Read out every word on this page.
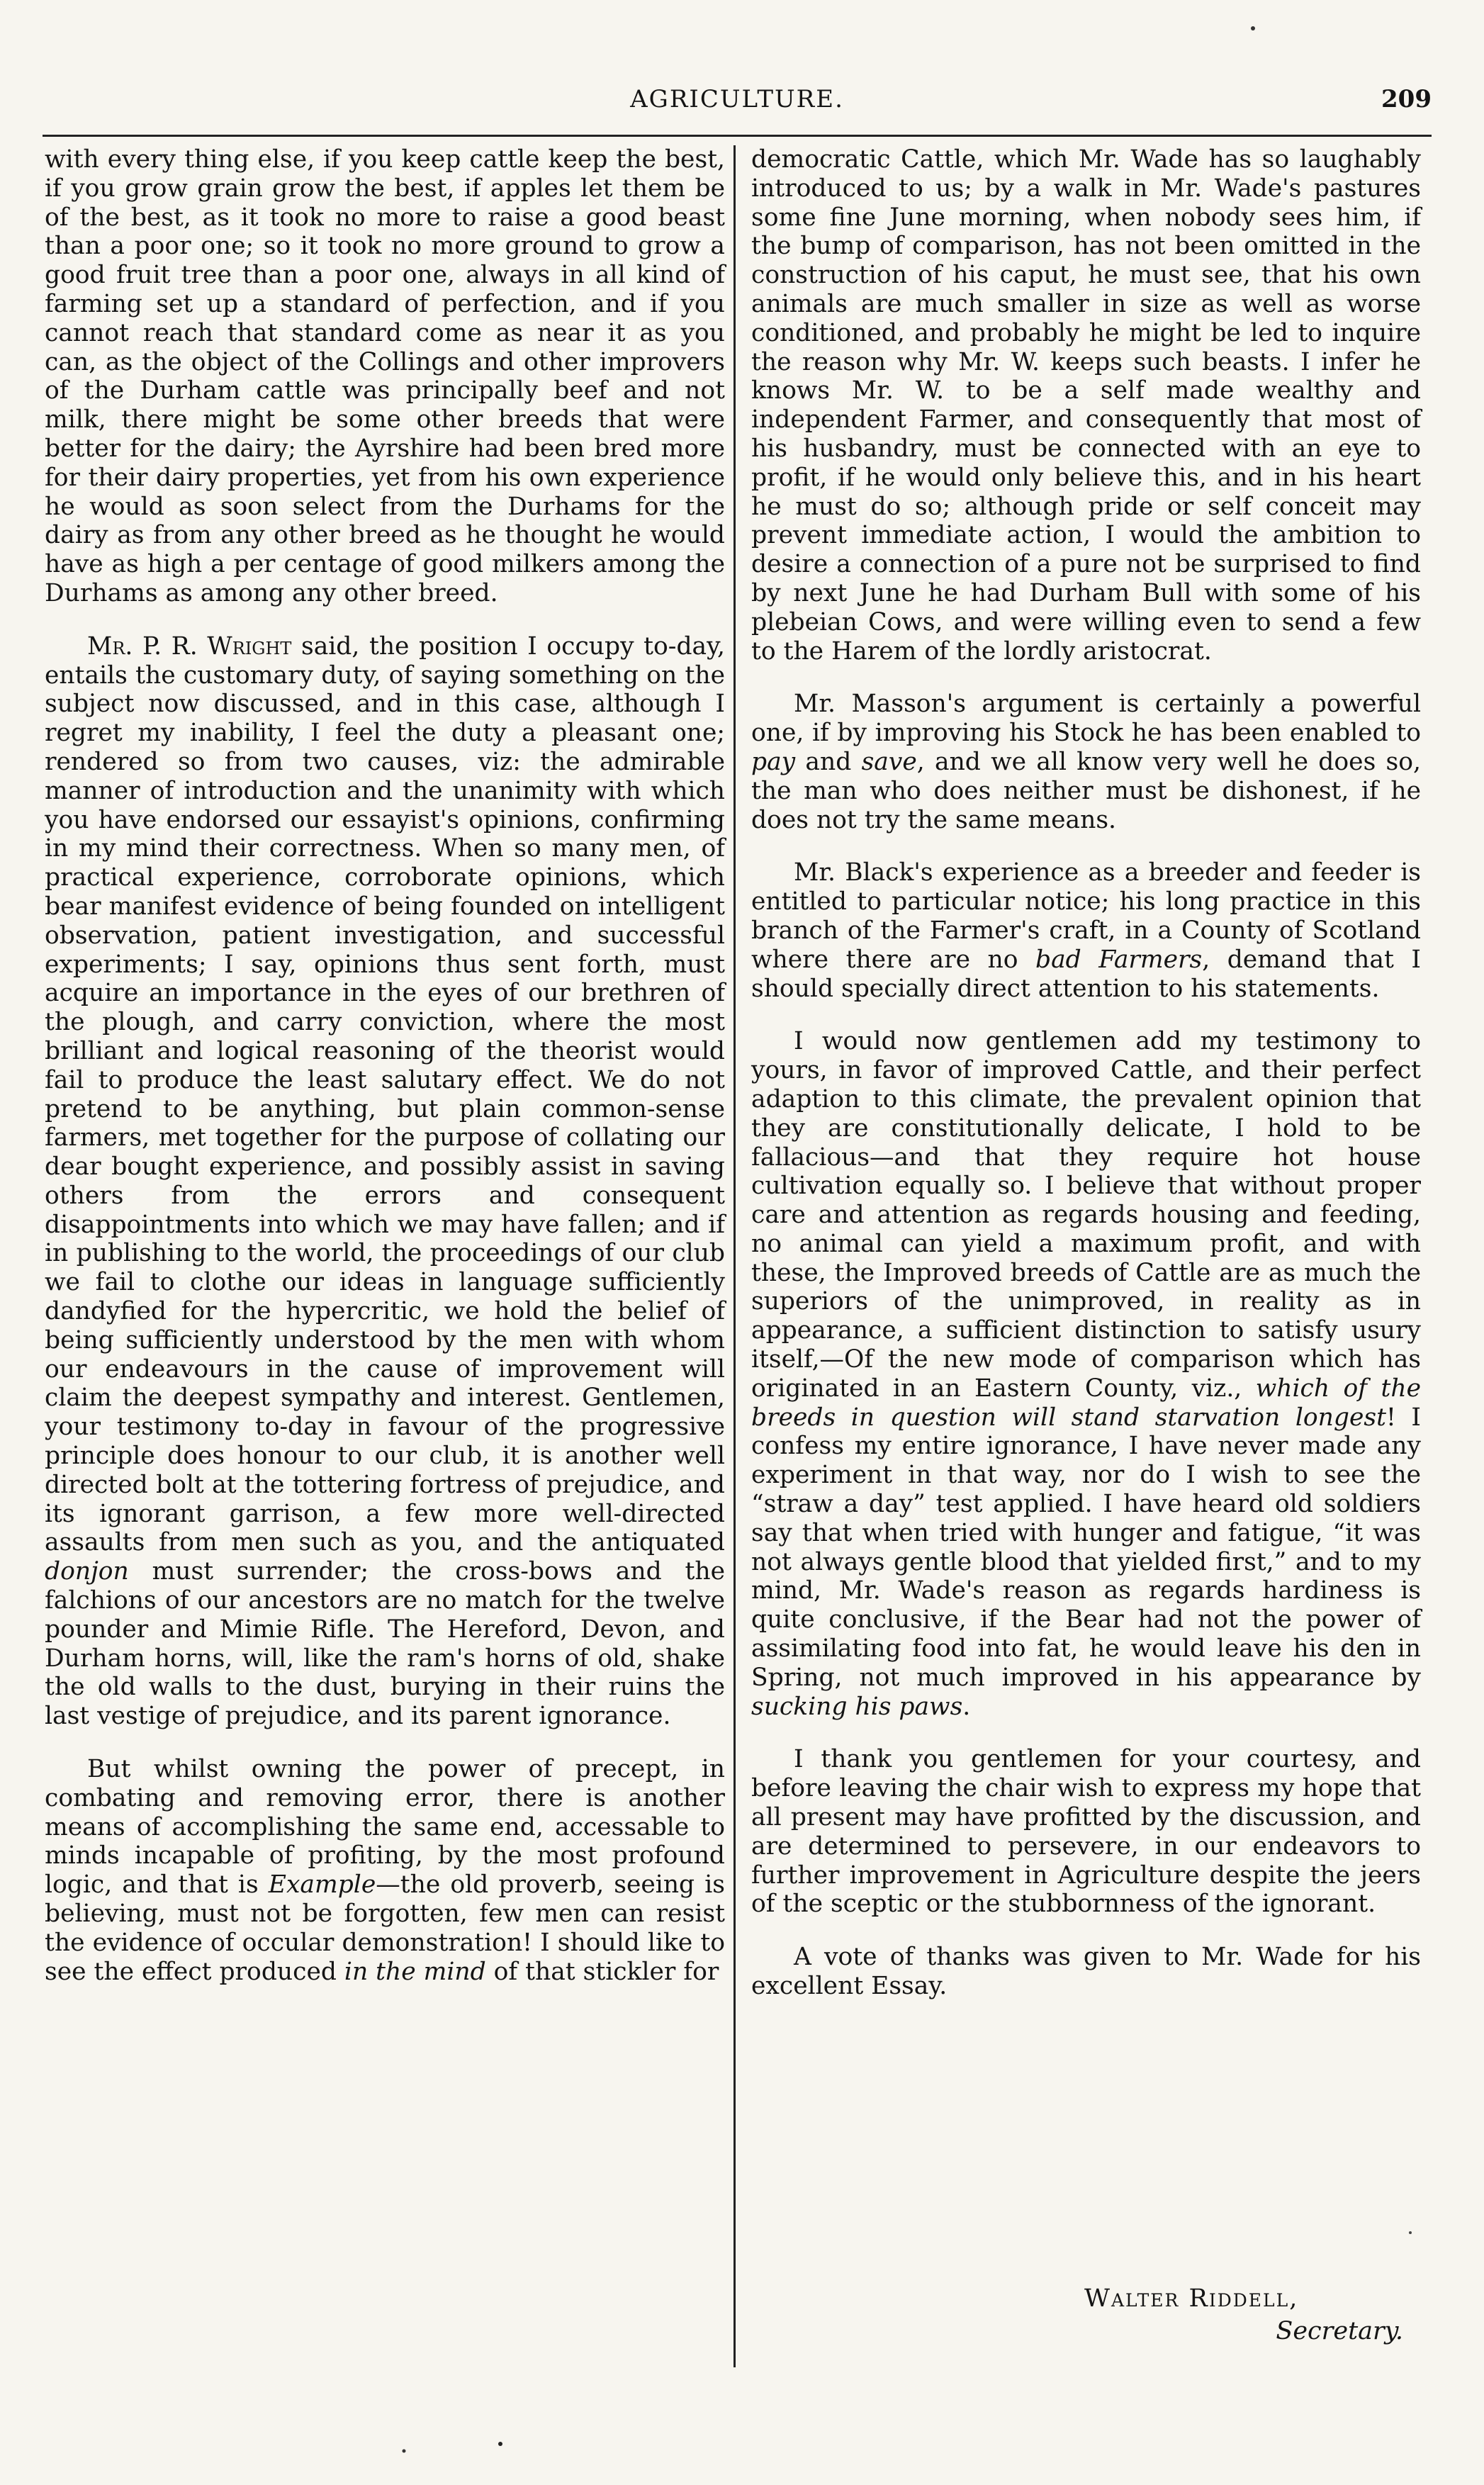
AGRICULTURE.	209

with every thing else, if you keep cattle keep the best, if you grow grain grow the best, if apples let them be of the best, as it took no more to raise a good beast than a poor one; so it took no more ground to grow a good fruit tree than a poor one, always in all kind of farming set up a standard of perfection, and if you cannot reach that standard come as near it as you can, as the object of the Collings and other improvers of the Durham cattle was principally beef and not milk, there might be some other breeds that were better for the dairy; the Ayrshire had been bred more for their dairy properties, yet from his own experience he would as soon select from the Durhams for the dairy as from any other breed as he thought he would have as high a per centage of good milkers among the Durhams as among any other breed.

Mr. P. R. Wright said, the position I occupy to-day, entails the customary duty, of saying something on the subject now discussed, and in this case, although I regret my inability, I feel the duty a pleasant one; rendered so from two causes, viz: the admirable manner of introduction and the unanimity with which you have endorsed our essayist's opinions, confirming in my mind their correctness. When so many men, of practical experience, corroborate opinions, which bear manifest evidence of being founded on intelligent observation, patient investigation, and successful experiments; I say, opinions thus sent forth, must acquire an importance in the eyes of our brethren of the plough, and carry conviction, where the most brilliant and logical reasoning of the theorist would fail to produce the least salutary effect. We do not pretend to be anything, but plain common-sense farmers, met together for the purpose of collating our dear bought experience, and possibly assist in saving others from the errors and consequent disappointments into which we may have fallen; and if in publishing to the world, the proceedings of our club we fail to clothe our ideas in language sufficiently dandyfied for the hypercritic, we hold the belief of being sufficiently understood by the men with whom our endeavours in the cause of improvement will claim the deepest sympathy and interest. Gentlemen, your testimony to-day in favour of the progressive principle does honour to our club, it is another well directed bolt at the tottering fortress of prejudice, and its ignorant garrison, a few more well-directed assaults from men such as you, and the antiquated donjon must surrender; the cross-bows and the falchions of our ancestors are no match for the twelve pounder and Mimie Rifle. The Hereford, Devon, and Durham horns, will, like the ram's horns of old, shake the old walls to the dust, burying in their ruins the last vestige of prejudice, and its parent ignorance.

But whilst owning the power of precept, in combating and removing error, there is another means of accomplishing the same end, accessable to minds incapable of profiting, by the most profound logic, and that is Example—the old proverb, seeing is believing, must not be forgotten, few men can resist the evidence of occular demonstration! I should like to see the effect produced in the mind of that stickler for

democratic Cattle, which Mr. Wade has so laughably introduced to us; by a walk in Mr. Wade's pastures some fine June morning, when nobody sees him, if the bump of comparison, has not been omitted in the construction of his caput, he must see, that his own animals are much smaller in size as well as worse conditioned, and probably he might be led to inquire the reason why Mr. W. keeps such beasts. I infer he knows Mr. W. to be a self made wealthy and independent Farmer, and consequently that most of his husbandry, must be connected with an eye to profit, if he would only believe this, and in his heart he must do so; although pride or self conceit may prevent immediate action, I would the ambition to desire a connection of a pure not be surprised to find by next June he had Durham Bull with some of his plebeian Cows, and were willing even to send a few to the Harem of the lordly aristocrat.

Mr. Masson's argument is certainly a powerful one, if by improving his Stock he has been enabled to pay and save, and we all know very well he does so, the man who does neither must be dishonest, if he does not try the same means.

Mr. Black's experience as a breeder and feeder is entitled to particular notice; his long practice in this branch of the Farmer's craft, in a County of Scotland where there are no bad Farmers, demand that I should specially direct attention to his statements.

I would now gentlemen add my testimony to yours, in favor of improved Cattle, and their perfect adaption to this climate, the prevalent opinion that they are constitutionally delicate, I hold to be fallacious—and that they require hot house cultivation equally so. I believe that without proper care and attention as regards housing and feeding, no animal can yield a maximum profit, and with these, the Improved breeds of Cattle are as much the superiors of the unimproved, in reality as in appearance, a sufficient distinction to satisfy usury itself,—Of the new mode of comparison which has originated in an Eastern County, viz., which of the breeds in question will stand starvation longest! I confess my entire ignorance, I have never made any experiment in that way, nor do I wish to see the “straw a day” test applied. I have heard old soldiers say that when tried with hunger and fatigue, “it was not always gentle blood that yielded first,” and to my mind, Mr. Wade's reason as regards hardiness is quite conclusive, if the Bear had not the power of assimilating food into fat, he would leave his den in Spring, not much improved in his appearance by sucking his paws.

I thank you gentlemen for your courtesy, and before leaving the chair wish to express my hope that all present may have profitted by the discussion, and are determined to persevere, in our endeavors to further improvement in Agriculture despite the jeers of the sceptic or the stubbornness of the ignorant.

A vote of thanks was given to Mr. Wade for his excellent Essay.

Walter Riddell,
Secretary.
